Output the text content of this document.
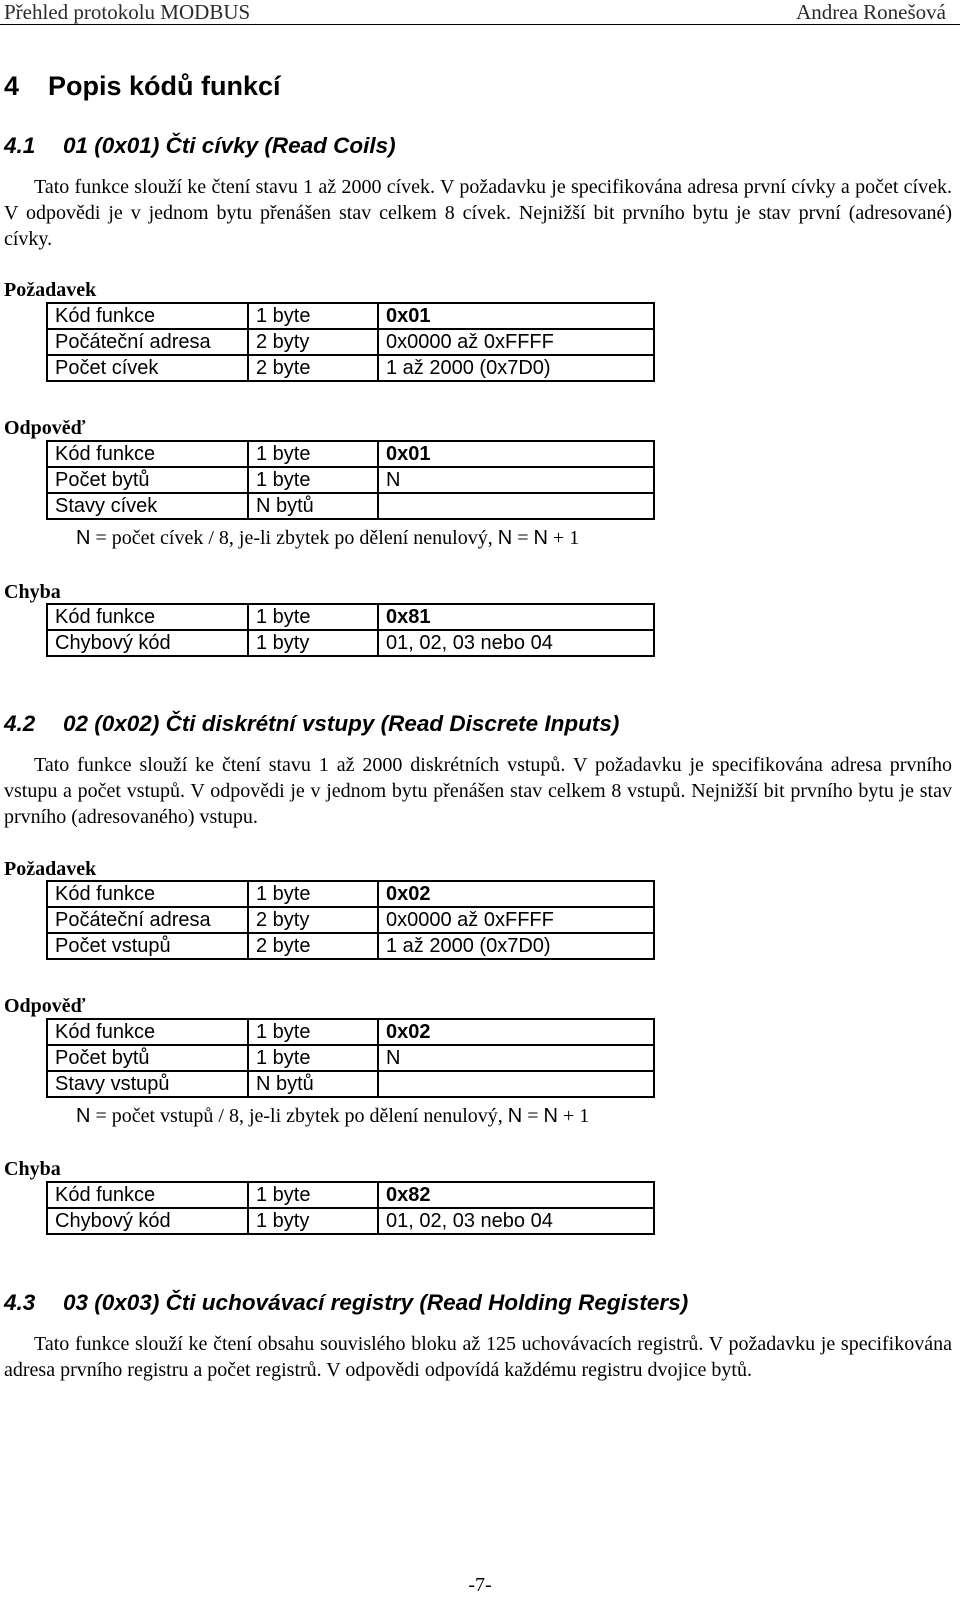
Přehled protokolu MODBUS	Andrea Ronešová
4 Popis kódů funkcí
4.1 01 (0x01) Čti cívky (Read Coils)
Tato funkce slouží ke čtení stavu 1 až 2000 cívek. V požadavku je specifikována adresa první cívky a počet cívek. V odpovědi je v jednom bytu přenášen stav celkem 8 cívek. Nejnižší bit prvního bytu je stav první (adresované) cívky.
Požadavek
Kód funkce	1 byte	0x01
Počáteční adresa	2 byty	0x0000 až 0xFFFF
Počet cívek	2 byte	1 až 2000 (0x7D0)
Odpověď
Kód funkce	1 byte	0x01
Počet bytů	1 byte	N
Stavy cívek	N bytů	
N = počet cívek / 8, je-li zbytek po dělení nenulový, N = N + 1
Chyba
Kód funkce	1 byte	0x81
Chybový kód	1 byty	01, 02, 03 nebo 04
4.2 02 (0x02) Čti diskrétní vstupy (Read Discrete Inputs)
Tato funkce slouží ke čtení stavu 1 až 2000 diskrétních vstupů. V požadavku je specifikována adresa prvního vstupu a počet vstupů. V odpovědi je v jednom bytu přenášen stav celkem 8 vstupů. Nejnižší bit prvního bytu je stav prvního (adresovaného) vstupu.
Požadavek
Kód funkce	1 byte	0x02
Počáteční adresa	2 byty	0x0000 až 0xFFFF
Počet vstupů	2 byte	1 až 2000 (0x7D0)
Odpověď
Kód funkce	1 byte	0x02
Počet bytů	1 byte	N
Stavy vstupů	N bytů	
N = počet vstupů / 8, je-li zbytek po dělení nenulový, N = N + 1
Chyba
Kód funkce	1 byte	0x82
Chybový kód	1 byty	01, 02, 03 nebo 04
4.3 03 (0x03) Čti uchovávací registry (Read Holding Registers)
Tato funkce slouží ke čtení obsahu souvislého bloku až 125 uchovávacích registrů. V požadavku je specifikována adresa prvního registru a počet registrů. V odpovědi odpovídá každému registru dvojice bytů.
-7-
